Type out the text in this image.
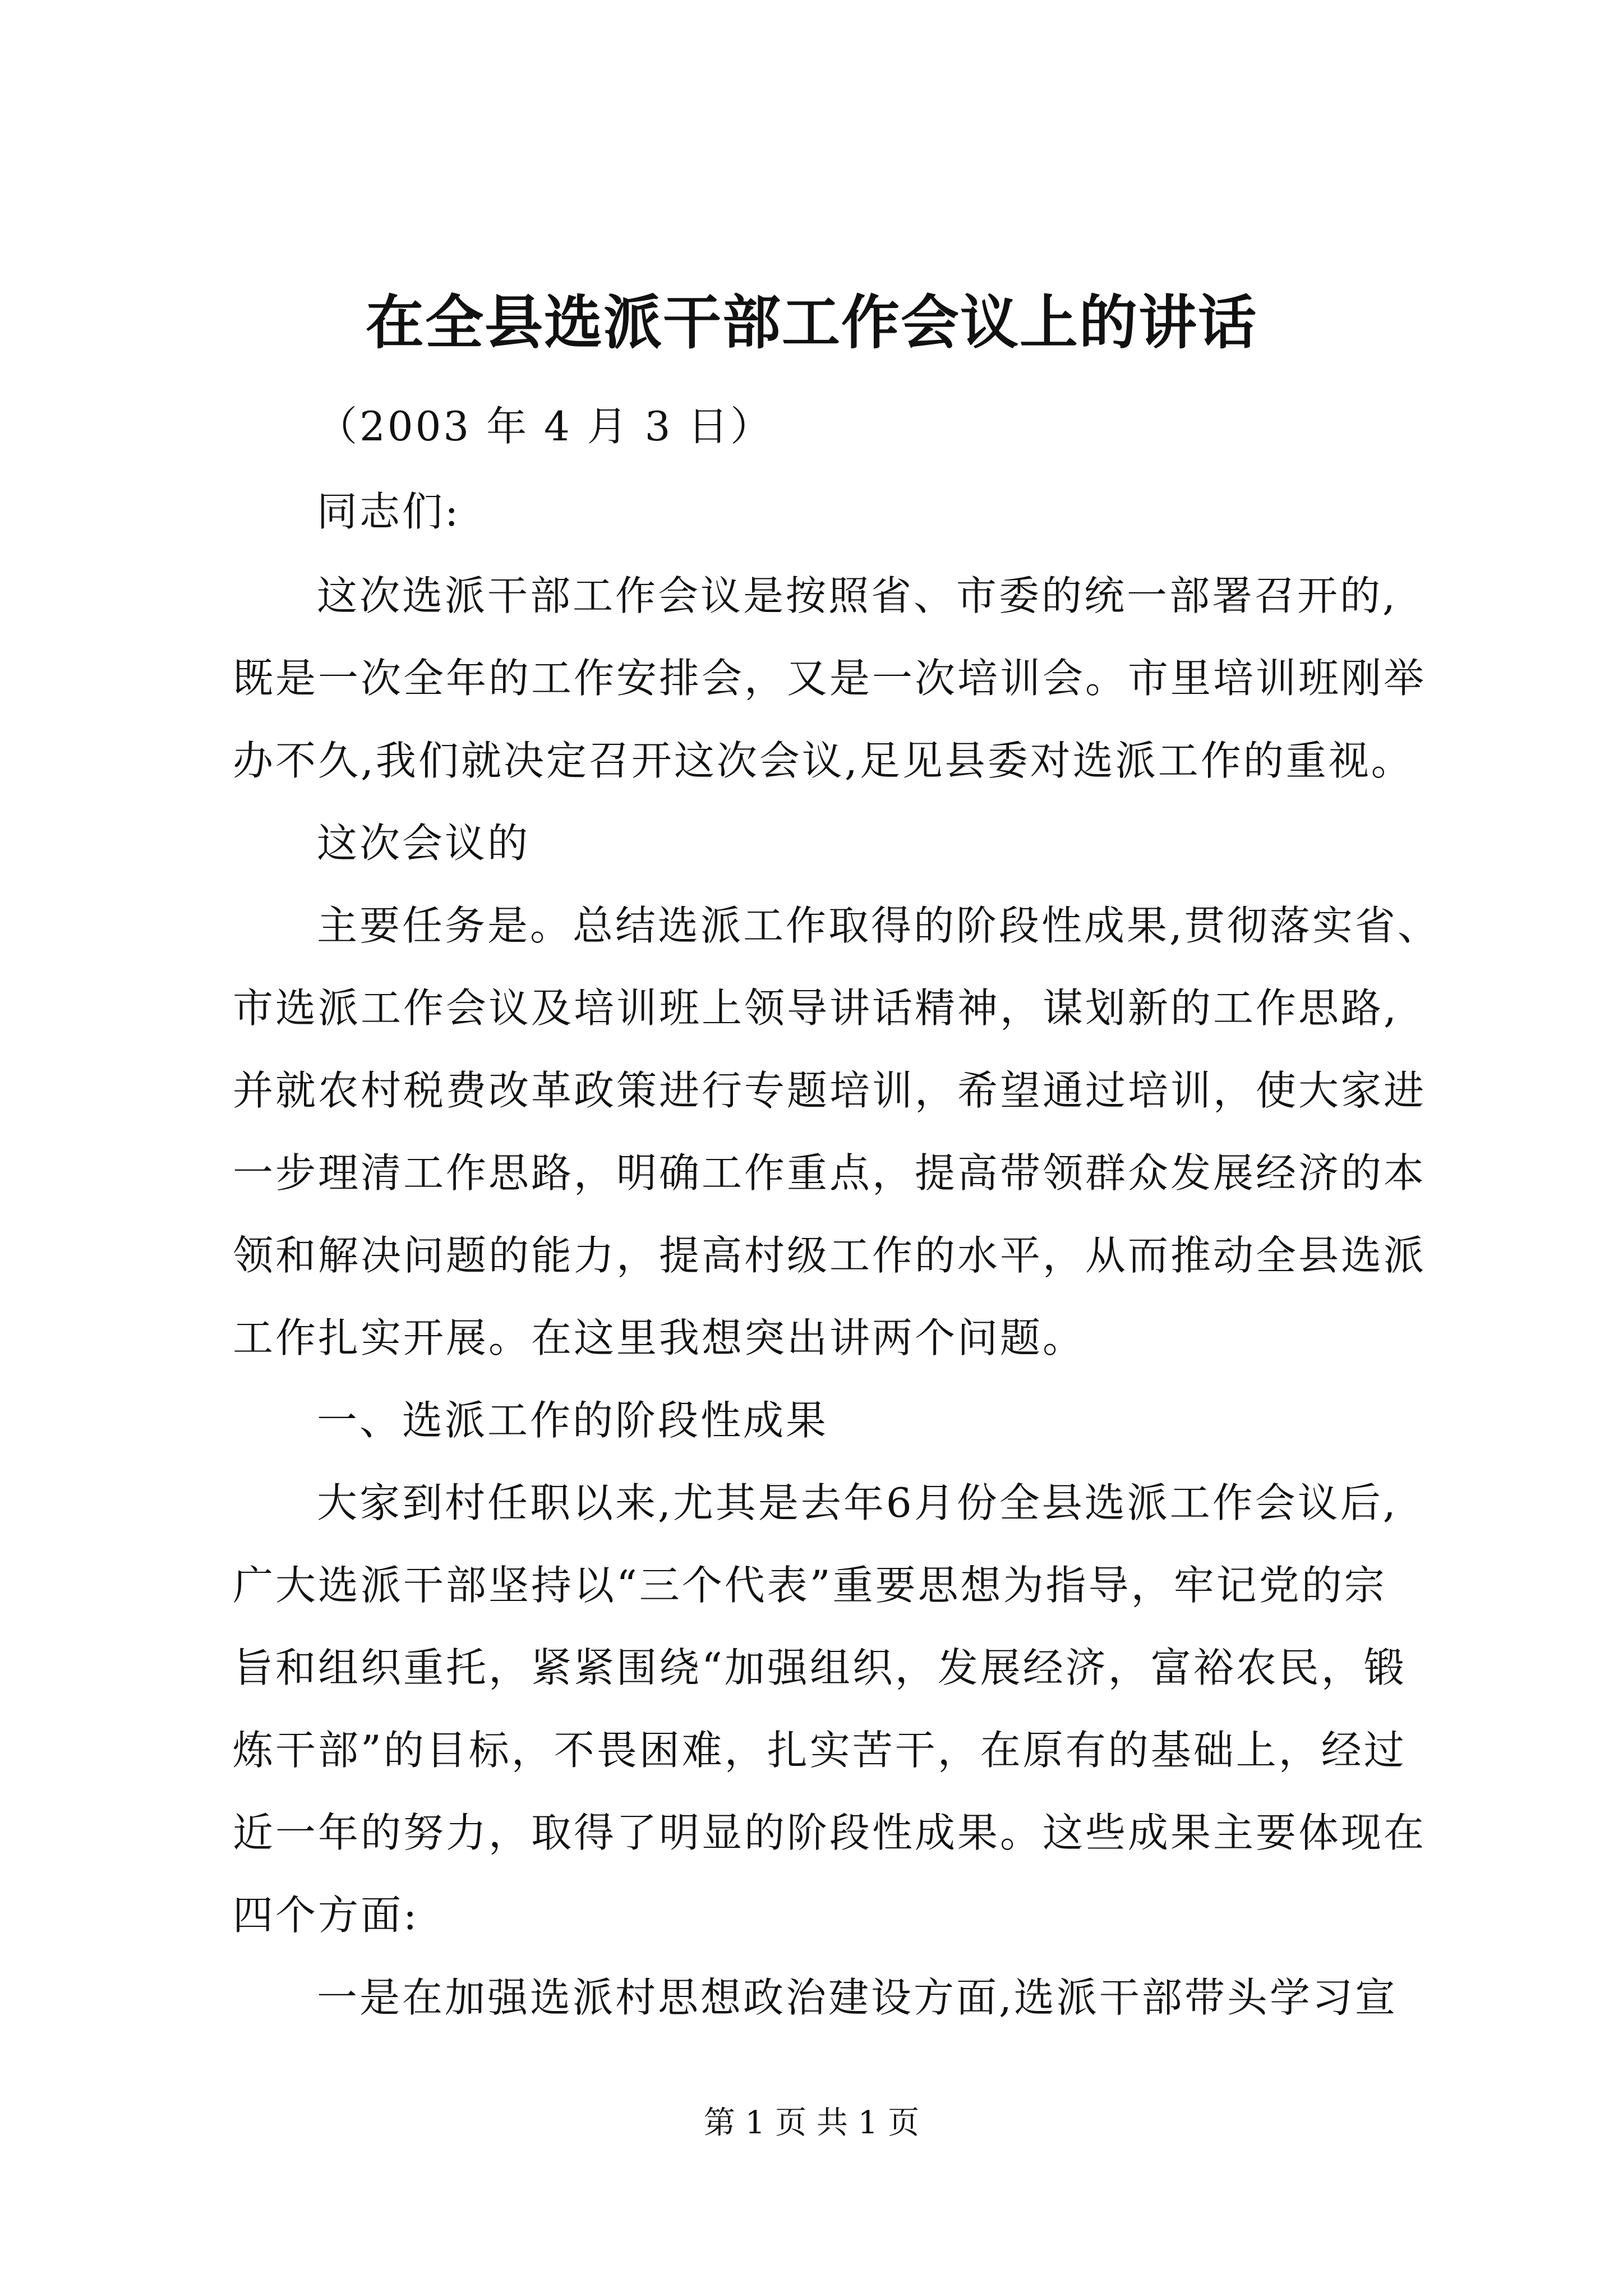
在全县选派干部工作会议上的讲话
（2003 年 4 月 3 日）
同志们:
这次选派干部工作会议是按照省、市委的统一部署召开的,
既是一次全年的工作安排会，又是一次培训会。市里培训班刚举
办不久,我们就决定召开这次会议,足见县委对选派工作的重视。
这次会议的
主要任务是。总结选派工作取得的阶段性成果,贯彻落实省、
市选派工作会议及培训班上领导讲话精神，谋划新的工作思路,
并就农村税费改革政策进行专题培训，希望通过培训，使大家进
一步理清工作思路，明确工作重点，提高带领群众发展经济的本
领和解决问题的能力，提高村级工作的水平，从而推动全县选派
工作扎实开展。在这里我想突出讲两个问题。
一、选派工作的阶段性成果
大家到村任职以来,尤其是去年6月份全县选派工作会议后,
广大选派干部坚持以“三个代表”重要思想为指导，牢记党的宗
旨和组织重托，紧紧围绕“加强组织，发展经济，富裕农民，锻
炼干部”的目标，不畏困难，扎实苦干，在原有的基础上，经过
近一年的努力，取得了明显的阶段性成果。这些成果主要体现在
四个方面:
一是在加强选派村思想政治建设方面,选派干部带头学习宣
第 1 页 共 1 页
